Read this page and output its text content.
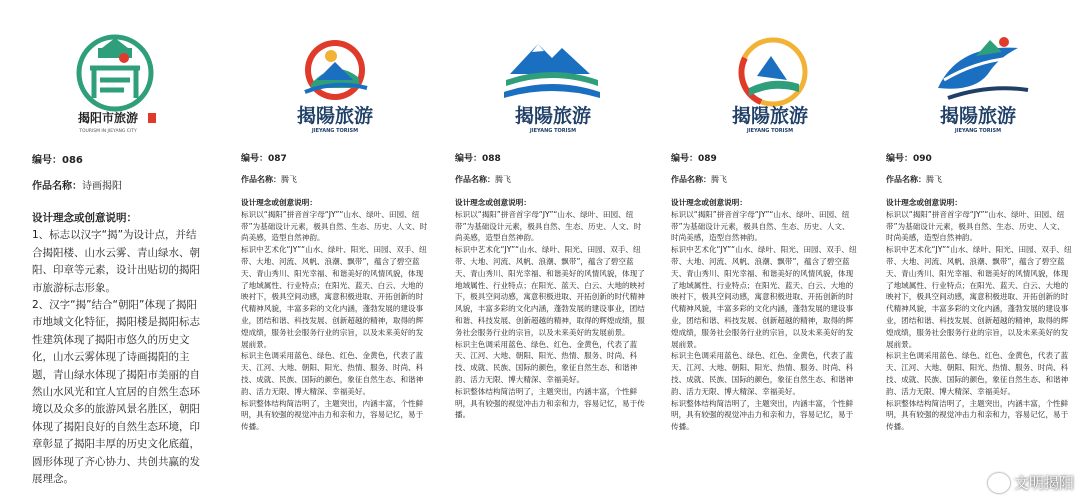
揭阳市旅游
TOURISM IN JIEYANG CITY
编号：086
作品名称：诗画揭阳

设计理念或创意说明：

1、标志以汉字“揭”为设计点，并结合揭阳楼、山水云雾、青山绿水、朝阳、印章等元素，设计出贴切的揭阳市旅游标志形象。

2、汉字“揭”结合“朝阳”体现了揭阳市地域文化特征，揭阳楼是揭阳标志性建筑体现了揭阳市悠久的历史文化，山水云雾体现了诗画揭阳的主题，青山绿水体现了揭阳市美丽的自然山水风光和宜人宜居的自然生态环境以及众多的旅游风景名胜区，朝阳体现了揭阳良好的自然生态环境，印章彰显了揭阳丰厚的历史文化底蕴，圆形体现了齐心协力、共创共赢的发展理念。

揭陽旅游
JIEYANG TORISM
编号：087
作品名称：腾飞

设计理念或创意说明：

标识以“揭阳”拼音首字母“JY”“山水、绿叶、田园、纽带”为基础设计元素，极具自然、生态、历史、人文、时尚美感，造型自然神韵。

标识中艺术化“JY”“山水、绿叶、阳光、田园、双手、纽带、大地、河流、风帆、浪潮、飘带”，蕴含了碧空蓝天、青山秀川、阳光幸福、和谐美好的风情风貌，体现了地域属性、行业特点；在阳光、蓝天、白云、大地的映衬下，极具空间动感，寓意积极进取、开拓创新的时代精神风貌，丰富多彩的文化内涵，蓬勃发展的建设事业，团结和谐、科技发展、创新超越的精神，取得的辉煌成绩，服务社会服务行业的宗旨，以及未来美好的发展前景。

标识主色调采用蓝色、绿色、红色、金黄色，代表了蓝天、江河、大地、朝阳、阳光、热情、服务、时尚、科技、成就、民族、国际的颜色，象征自然生态、和谐神韵、活力无限、博大精深、幸福美好。

标识整体结构简洁明了，主题突出，内涵丰富，个性鲜明，具有较强的视觉冲击力和亲和力，容易记忆，易于传播。

揭陽旅游
JIEYANG TORISM
编号：088
作品名称：腾飞

设计理念或创意说明：

标识以“揭阳”拼音首字母“JY”“山水、绿叶、田园、纽带”为基础设计元素，极具自然、生态、历史、人文、时尚美感，造型自然神韵。

标识中艺术化“JY”“山水、绿叶、阳光、田园、双手、纽带、大地、河流、风帆、浪潮、飘带”，蕴含了碧空蓝天、青山秀川、阳光幸福、和谐美好的风情风貌，体现了地域属性、行业特点；在阳光、蓝天、白云、大地的映衬下，极具空间动感，寓意积极进取、开拓创新的时代精神风貌，丰富多彩的文化内涵，蓬勃发展的建设事业，团结和谐、科技发展、创新超越的精神，取得的辉煌成绩，服务社会服务行业的宗旨，以及未来美好的发展前景。

标识主色调采用蓝色、绿色、红色、金黄色，代表了蓝天、江河、大地、朝阳、阳光、热情、服务、时尚、科技、成就、民族、国际的颜色，象征自然生态、和谐神韵、活力无限、博大精深、幸福美好。

标识整体结构简洁明了，主题突出，内涵丰富，个性鲜明，具有较强的视觉冲击力和亲和力，容易记忆，易于传播。

揭陽旅游
JIEYANG TORISM
编号：089
作品名称：腾飞

设计理念或创意说明：

标识以“揭阳”拼音首字母“JY”“山水、绿叶、田园、纽带”为基础设计元素，极具自然、生态、历史、人文、时尚美感，造型自然神韵。

标识中艺术化“JY”“山水、绿叶、阳光、田园、双手、纽带、大地、河流、风帆、浪潮、飘带”，蕴含了碧空蓝天、青山秀川、阳光幸福、和谐美好的风情风貌，体现了地域属性、行业特点；在阳光、蓝天、白云、大地的映衬下，极具空间动感，寓意积极进取、开拓创新的时代精神风貌，丰富多彩的文化内涵，蓬勃发展的建设事业，团结和谐、科技发展、创新超越的精神，取得的辉煌成绩，服务社会服务行业的宗旨，以及未来美好的发展前景。

标识主色调采用蓝色、绿色、红色、金黄色，代表了蓝天、江河、大地、朝阳、阳光、热情、服务、时尚、科技、成就、民族、国际的颜色，象征自然生态、和谐神韵、活力无限、博大精深、幸福美好。

标识整体结构简洁明了，主题突出，内涵丰富，个性鲜明，具有较强的视觉冲击力和亲和力，容易记忆，易于传播。

揭陽旅游
JIEYANG TORISM
编号：090
作品名称：腾飞

设计理念或创意说明：

标识以“揭阳”拼音首字母“JY”“山水、绿叶、田园、纽带”为基础设计元素，极具自然、生态、历史、人文、时尚美感，造型自然神韵。

标识中艺术化“JY”“山水、绿叶、阳光、田园、双手、纽带、大地、河流、风帆、浪潮、飘带”，蕴含了碧空蓝天、青山秀川、阳光幸福、和谐美好的风情风貌，体现了地域属性、行业特点；在阳光、蓝天、白云、大地的映衬下，极具空间动感，寓意积极进取、开拓创新的时代精神风貌，丰富多彩的文化内涵，蓬勃发展的建设事业，团结和谐、科技发展、创新超越的精神，取得的辉煌成绩，服务社会服务行业的宗旨，以及未来美好的发展前景。

标识主色调采用蓝色、绿色、红色、金黄色，代表了蓝天、江河、大地、朝阳、阳光、热情、服务、时尚、科技、成就、民族、国际的颜色，象征自然生态、和谐神韵、活力无限、博大精深、幸福美好。

标识整体结构简洁明了，主题突出，内涵丰富，个性鲜明，具有较强的视觉冲击力和亲和力，容易记忆，易于传播。

文明揭阳
